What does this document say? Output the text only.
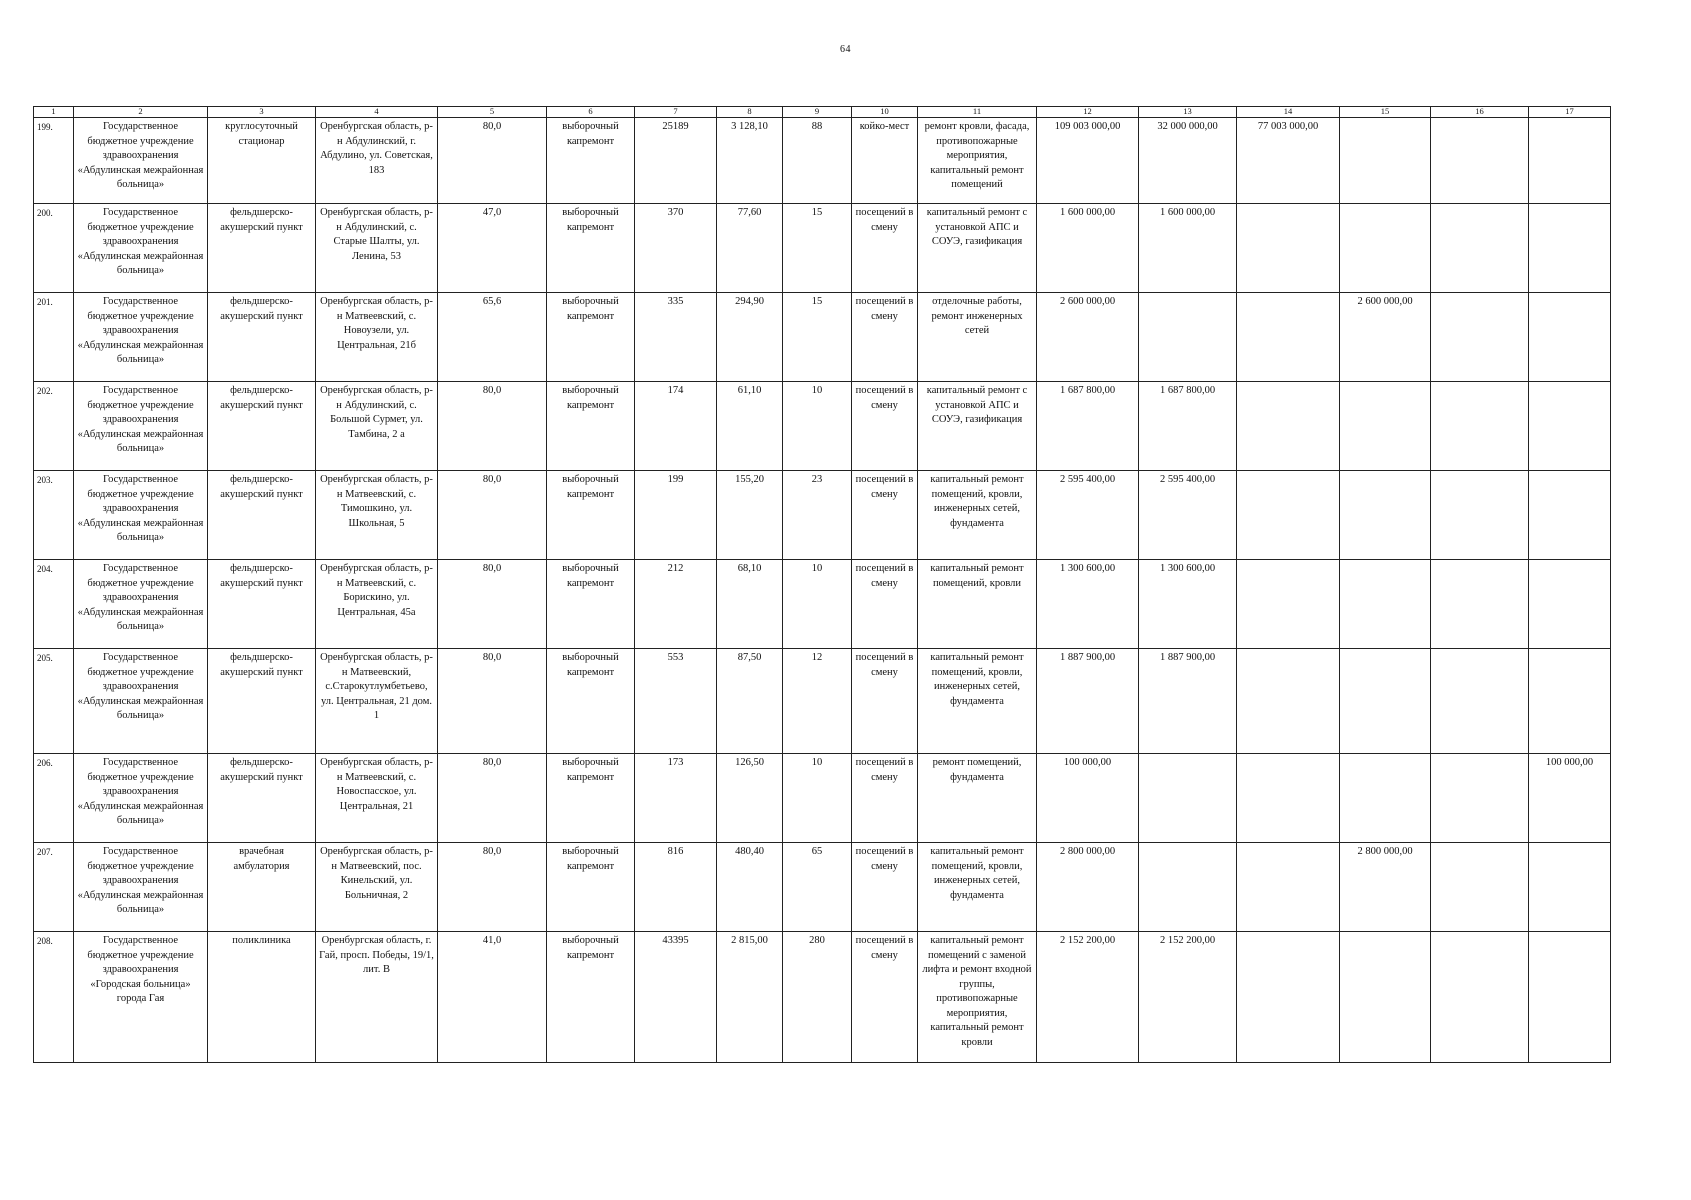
64
1	2	3	4	5	6	7	8	9	10	11	12	13	14	15	16	17
199.	Государственное бюджетное учреждение здравоохранения «Абдулинская межрайонная больница»	круглосуточный стационар	Оренбургская область, р-н Абдулинский, г. Абдулино, ул. Советская, 183	80,0	выборочный капремонт	25189	3 128,10	88	койко-мест	ремонт кровли, фасада, противопожарные мероприятия, капитальный ремонт помещений	109 003 000,00	32 000 000,00	77 003 000,00			
200.	Государственное бюджетное учреждение здравоохранения «Абдулинская межрайонная больница»	фельдшерско-акушерский пункт	Оренбургская область, р-н Абдулинский, с. Старые Шалты, ул. Ленина, 53	47,0	выборочный капремонт	370	77,60	15	посещений в смену	капитальный ремонт с установкой АПС и СОУЭ, газификация	1 600 000,00	1 600 000,00				
201.	Государственное бюджетное учреждение здравоохранения «Абдулинская межрайонная больница»	фельдшерско-акушерский пункт	Оренбургская область, р-н Матвеевский, с. Новоузели, ул. Центральная, 21б	65,6	выборочный капремонт	335	294,90	15	посещений в смену	отделочные работы, ремонт инженерных сетей	2 600 000,00			2 600 000,00		
202.	Государственное бюджетное учреждение здравоохранения «Абдулинская межрайонная больница»	фельдшерско-акушерский пункт	Оренбургская область, р-н Абдулинский, с. Большой Сурмет, ул. Тамбина, 2 а	80,0	выборочный капремонт	174	61,10	10	посещений в смену	капитальный ремонт с установкой АПС и СОУЭ, газификация	1 687 800,00	1 687 800,00				
203.	Государственное бюджетное учреждение здравоохранения «Абдулинская межрайонная больница»	фельдшерско-акушерский пункт	Оренбургская область, р-н Матвеевский, с. Тимошкино, ул. Школьная, 5	80,0	выборочный капремонт	199	155,20	23	посещений в смену	капитальный ремонт помещений, кровли, инженерных сетей, фундамента	2 595 400,00	2 595 400,00				
204.	Государственное бюджетное учреждение здравоохранения «Абдулинская межрайонная больница»	фельдшерско-акушерский пункт	Оренбургская область, р-н Матвеевский, с. Борискино, ул. Центральная, 45а	80,0	выборочный капремонт	212	68,10	10	посещений в смену	капитальный ремонт помещений, кровли	1 300 600,00	1 300 600,00				
205.	Государственное бюджетное учреждение здравоохранения «Абдулинская межрайонная больница»	фельдшерско-акушерский пункт	Оренбургская область, р-н Матвеевский, с.Старокутлумбетьево, ул. Центральная, 21 дом. 1	80,0	выборочный капремонт	553	87,50	12	посещений в смену	капитальный ремонт помещений, кровли, инженерных сетей, фундамента	1 887 900,00	1 887 900,00				
206.	Государственное бюджетное учреждение здравоохранения «Абдулинская межрайонная больница»	фельдшерско-акушерский пункт	Оренбургская область, р-н Матвеевский, с. Новоспасское, ул. Центральная, 21	80,0	выборочный капремонт	173	126,50	10	посещений в смену	ремонт помещений, фундамента	100 000,00					100 000,00
207.	Государственное бюджетное учреждение здравоохранения «Абдулинская межрайонная больница»	врачебная амбулатория	Оренбургская область, р-н Матвеевский, пос. Кинельский, ул. Больничная, 2	80,0	выборочный капремонт	816	480,40	65	посещений в смену	капитальный ремонт помещений, кровли, инженерных сетей, фундамента	2 800 000,00			2 800 000,00		
208.	Государственное бюджетное учреждение здравоохранения «Городская больница» города Гая	поликлиника	Оренбургская область, г. Гай, просп. Победы, 19/1, лит. В	41,0	выборочный капремонт	43395	2 815,00	280	посещений в смену	капитальный ремонт помещений с заменой лифта и ремонт входной группы, противопожарные мероприятия, капитальный ремонт кровли	2 152 200,00	2 152 200,00				
